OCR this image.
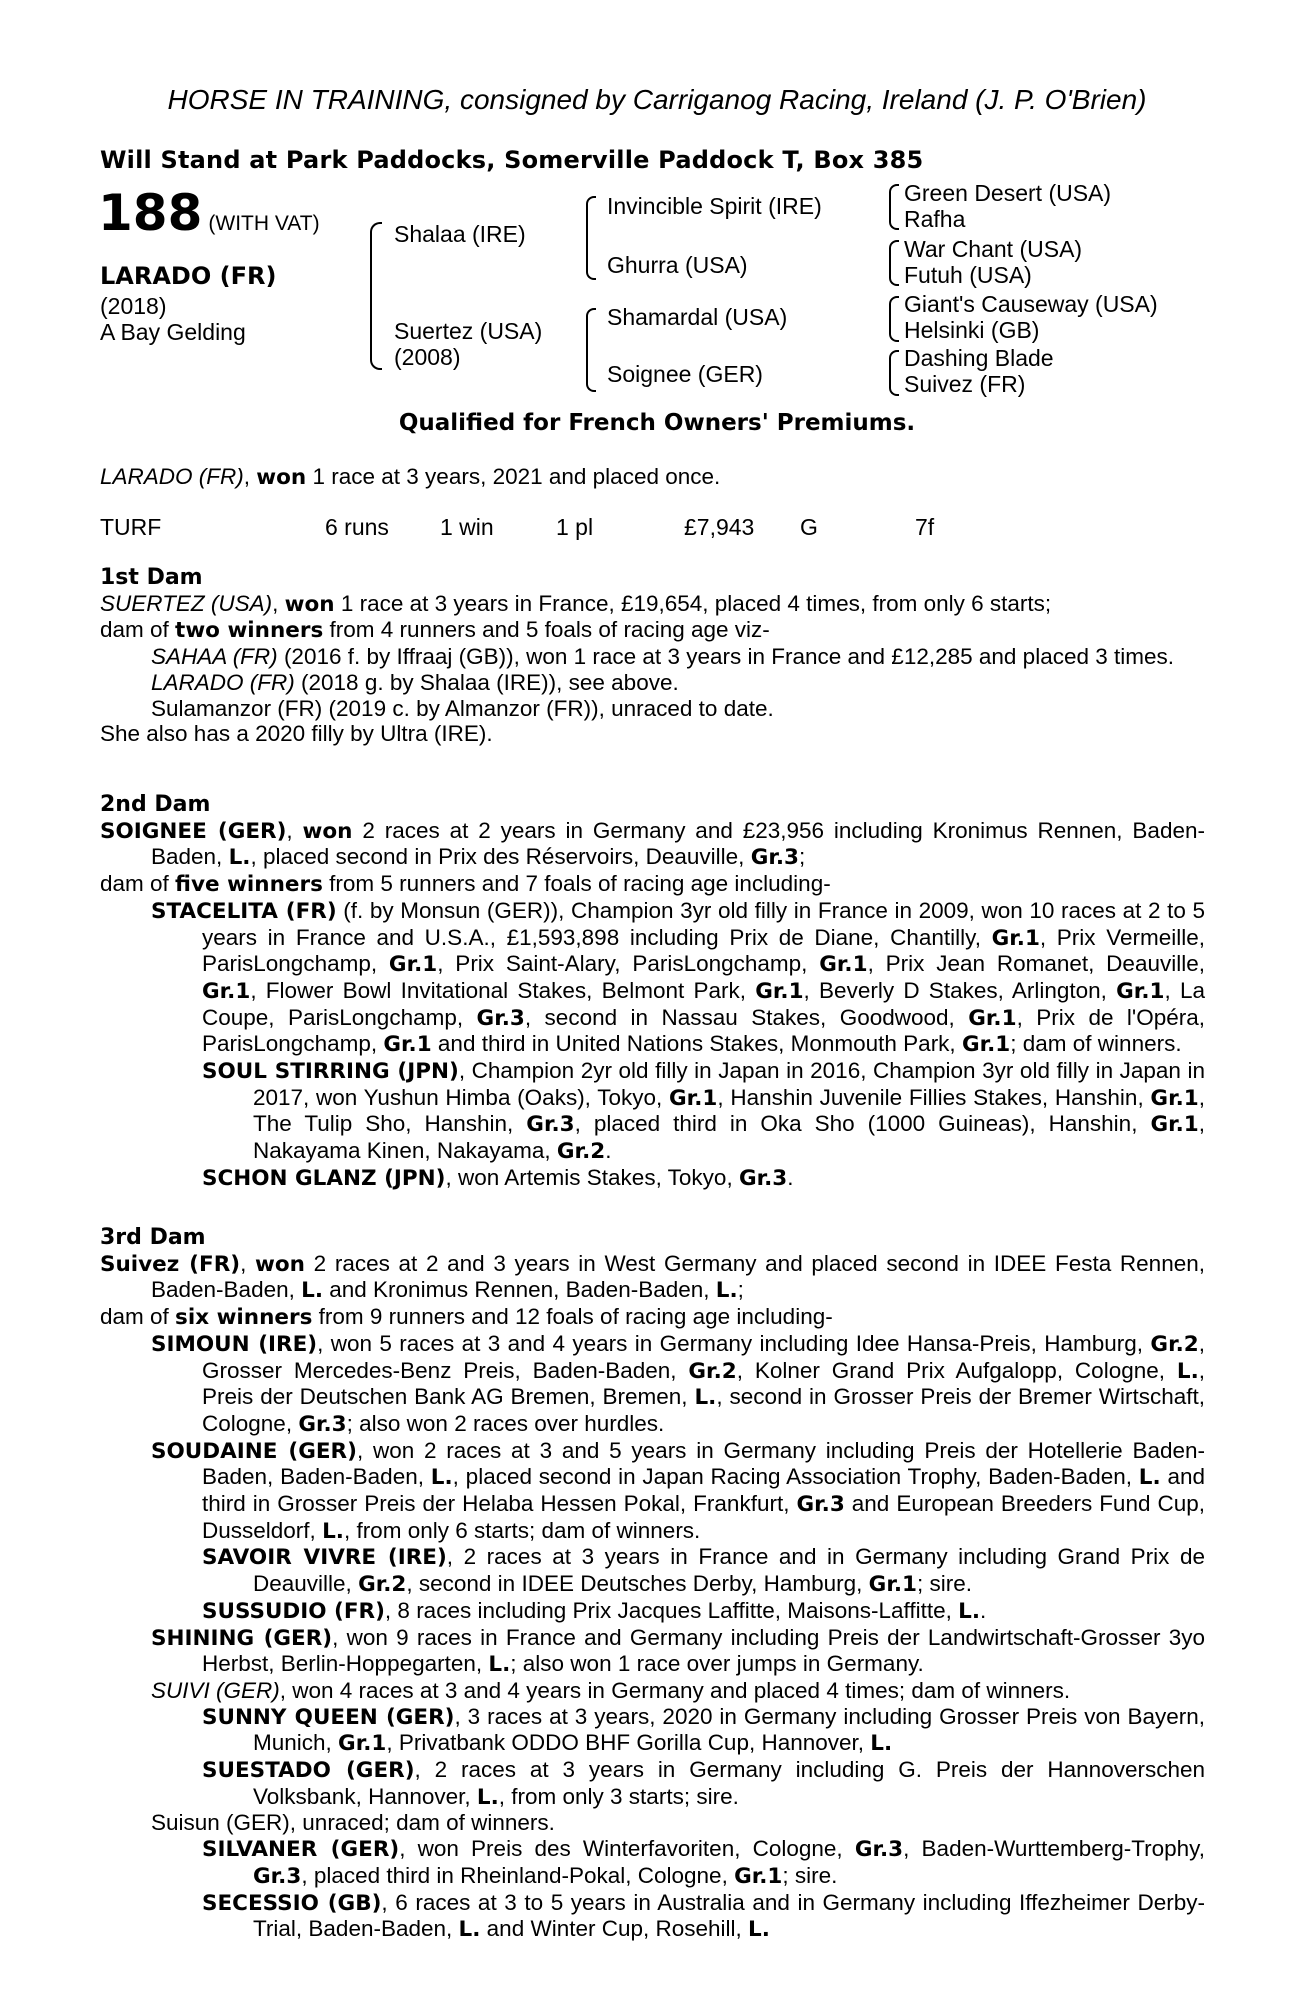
HORSE IN TRAINING, consigned by Carriganog Racing, Ireland (J. P. O'Brien)
Will Stand at Park Paddocks, Somerville Paddock T, Box 385
188 (WITH VAT)
LARADO (FR)
(2018)
A Bay Gelding
Shalaa (IRE)
Suertez (USA)
(2008)
Invincible Spirit (IRE)
Ghurra (USA)
Shamardal (USA)
Soignee (GER)
Green Desert (USA)
Rafha
War Chant (USA)
Futuh (USA)
Giant's Causeway (USA)
Helsinki (GB)
Dashing Blade
Suivez (FR)
Qualified for French Owners' Premiums.

LARADO (FR), won 1 race at 3 years, 2021 and placed once.

TURF	6 runs 1 win	1 pl	£7,943 G	7f

1st Dam

SUERTEZ (USA), won 1 race at 3 years in France, £19,654, placed 4 times, from only 6 starts;

dam of two winners from 4 runners and 5 foals of racing age viz-

SAHAA (FR) (2016 f. by Iffraaj (GB)), won 1 race at 3 years in France and £12,285 and placed 3 times.

LARADO (FR) (2018 g. by Shalaa (IRE)), see above.

Sulamanzor (FR) (2019 c. by Almanzor (FR)), unraced to date.

She also has a 2020 filly by Ultra (IRE).

2nd Dam

SOIGNEE (GER), won 2 races at 2 years in Germany and £23,956 including Kronimus Rennen, Baden-Baden, L., placed second in Prix des Réservoirs, Deauville, Gr.3;

dam of five winners from 5 runners and 7 foals of racing age including-

STACELITA (FR) (f. by Monsun (GER)), Champion 3yr old filly in France in 2009, won 10 races at 2 to 5 years in France and U.S.A., £1,593,898 including Prix de Diane, Chantilly, Gr.1, Prix Vermeille, ParisLongchamp, Gr.1, Prix Saint-Alary, ParisLongchamp, Gr.1, Prix Jean Romanet, Deauville, Gr.1, Flower Bowl Invitational Stakes, Belmont Park, Gr.1, Beverly D Stakes, Arlington, Gr.1, La Coupe, ParisLongchamp, Gr.3, second in Nassau Stakes, Goodwood, Gr.1, Prix de l'Opéra, ParisLongchamp, Gr.1 and third in United Nations Stakes, Monmouth Park, Gr.1; dam of winners.

SOUL STIRRING (JPN), Champion 2yr old filly in Japan in 2016, Champion 3yr old filly in Japan in 2017, won Yushun Himba (Oaks), Tokyo, Gr.1, Hanshin Juvenile Fillies Stakes, Hanshin, Gr.1, The Tulip Sho, Hanshin, Gr.3, placed third in Oka Sho (1000 Guineas), Hanshin, Gr.1, Nakayama Kinen, Nakayama, Gr.2.

SCHON GLANZ (JPN), won Artemis Stakes, Tokyo, Gr.3.

3rd Dam

Suivez (FR), won 2 races at 2 and 3 years in West Germany and placed second in IDEE Festa Rennen, Baden-Baden, L. and Kronimus Rennen, Baden-Baden, L.;

dam of six winners from 9 runners and 12 foals of racing age including-

SIMOUN (IRE), won 5 races at 3 and 4 years in Germany including Idee Hansa-Preis, Hamburg, Gr.2, Grosser Mercedes-Benz Preis, Baden-Baden, Gr.2, Kolner Grand Prix Aufgalopp, Cologne, L., Preis der Deutschen Bank AG Bremen, Bremen, L., second in Grosser Preis der Bremer Wirtschaft, Cologne, Gr.3; also won 2 races over hurdles.

SOUDAINE (GER), won 2 races at 3 and 5 years in Germany including Preis der Hotellerie Baden-Baden, Baden-Baden, L., placed second in Japan Racing Association Trophy, Baden-Baden, L. and third in Grosser Preis der Helaba Hessen Pokal, Frankfurt, Gr.3 and European Breeders Fund Cup, Dusseldorf, L., from only 6 starts; dam of winners.

SAVOIR VIVRE (IRE), 2 races at 3 years in France and in Germany including Grand Prix de Deauville, Gr.2, second in IDEE Deutsches Derby, Hamburg, Gr.1; sire.

SUSSUDIO (FR), 8 races including Prix Jacques Laffitte, Maisons-Laffitte, L..

SHINING (GER), won 9 races in France and Germany including Preis der Landwirtschaft-Grosser 3yo Herbst, Berlin-Hoppegarten, L.; also won 1 race over jumps in Germany.

SUIVI (GER), won 4 races at 3 and 4 years in Germany and placed 4 times; dam of winners.

SUNNY QUEEN (GER), 3 races at 3 years, 2020 in Germany including Grosser Preis von Bayern, Munich, Gr.1, Privatbank ODDO BHF Gorilla Cup, Hannover, L.

SUESTADO (GER), 2 races at 3 years in Germany including G. Preis der Hannoverschen Volksbank, Hannover, L., from only 3 starts; sire.

Suisun (GER), unraced; dam of winners.

SILVANER (GER), won Preis des Winterfavoriten, Cologne, Gr.3, Baden-Wurttemberg-Trophy, Gr.3, placed third in Rheinland-Pokal, Cologne, Gr.1; sire.

SECESSIO (GB), 6 races at 3 to 5 years in Australia and in Germany including Iffezheimer Derby-Trial, Baden-Baden, L. and Winter Cup, Rosehill, L.
